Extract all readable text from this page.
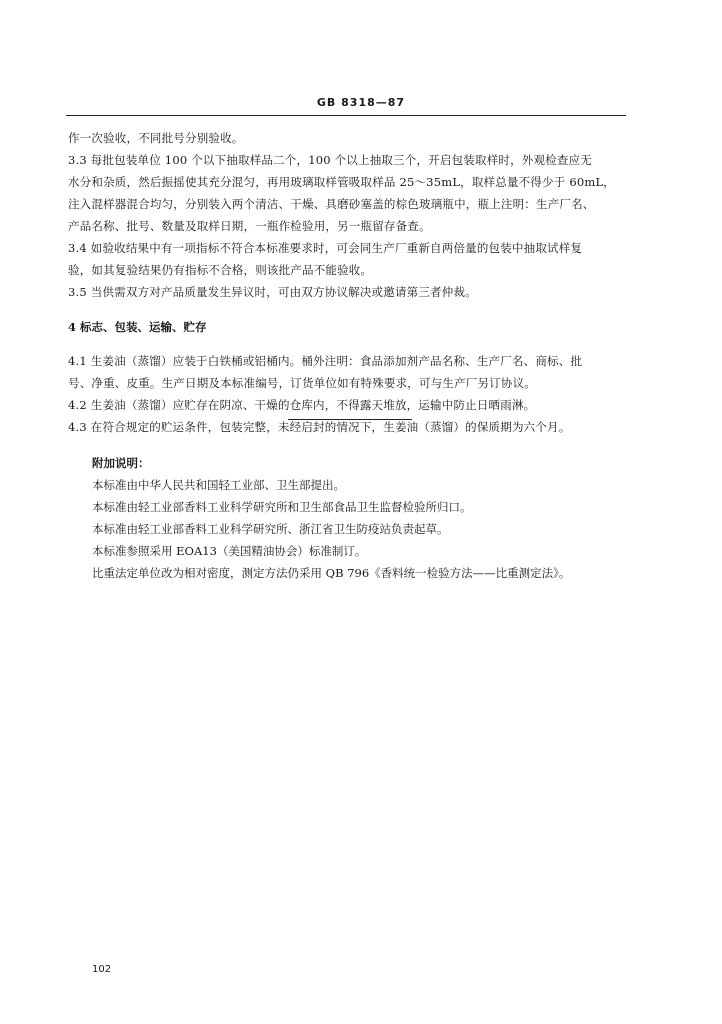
GB 8318—87

作一次验收，不同批号分别验收。

3.3 每批包装单位 100 个以下抽取样品二个，100 个以上抽取三个，开启包装取样时，外观检查应无

水分和杂质，然后振摇使其充分混匀，再用玻璃取样管吸取样品 25～35mL，取样总量不得少于 60mL，

注入混样器混合均匀，分别装入两个清洁、干燥、具磨砂塞盖的棕色玻璃瓶中，瓶上注明：生产厂名、

产品名称、批号、数量及取样日期，一瓶作检验用，另一瓶留存备查。

3.4 如验收结果中有一项指标不符合本标准要求时，可会同生产厂重新自两倍量的包装中抽取试样复

验，如其复验结果仍有指标不合格，则该批产品不能验收。

3.5 当供需双方对产品质量发生异议时，可由双方协议解决或邀请第三者仲裁。

4 标志、包装、运输、贮存

4.1 生姜油（蒸馏）应装于白铁桶或铝桶内。桶外注明：食品添加剂产品名称、生产厂名、商标、批

号、净重、皮重。生产日期及本标准编号，订货单位如有特殊要求，可与生产厂另订协议。

4.2 生姜油（蒸馏）应贮存在阴凉、干燥的仓库内，不得露天堆放，运输中防止日晒雨淋。

4.3 在符合规定的贮运条件，包装完整，未经启封的情况下，生姜油（蒸馏）的保质期为六个月。

附加说明：

本标准由中华人民共和国轻工业部、卫生部提出。

本标准由轻工业部香料工业科学研究所和卫生部食品卫生监督检验所归口。

本标准由轻工业部香料工业科学研究所、浙江省卫生防疫站负责起草。

本标准参照采用 EOA13（美国精油协会）标准制订。

比重法定单位改为相对密度，测定方法仍采用 QB 796《香料统一检验方法——比重测定法》。

102
